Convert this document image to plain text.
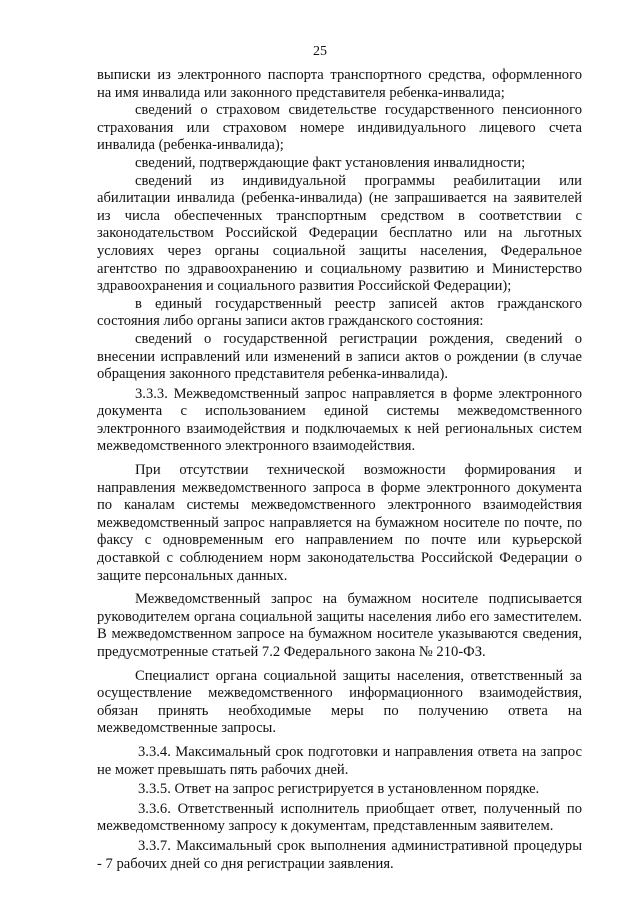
25

выписки из электронного паспорта транспортного средства, оформленного на имя инвалида или законного представителя ребенка-инвалида;

сведений о страховом свидетельстве государственного пенсионного страхования или страховом номере индивидуального лицевого счета инвалида (ребенка-инвалида);

сведений, подтверждающие факт установления инвалидности;

сведений из индивидуальной программы реабилитации или абилитации инвалида (ребенка-инвалида) (не запрашивается на заявителей из числа обеспеченных транспортным средством в соответствии с законодательством Российской Федерации бесплатно или на льготных условиях через органы социальной защиты населения, Федеральное агентство по здравоохранению и социальному развитию и Министерство здравоохранения и социального развития Российской Федерации);

в единый государственный реестр записей актов гражданского состояния либо органы записи актов гражданского состояния:

сведений о государственной регистрации рождения, сведений о внесении исправлений или изменений в записи актов о рождении (в случае обращения законного представителя ребенка-инвалида).

3.3.3. Межведомственный запрос направляется в форме электронного документа с использованием единой системы межведомственного электронного взаимодействия и подключаемых к ней региональных систем межведомственного электронного взаимодействия.

При отсутствии технической возможности формирования и направления межведомственного запроса в форме электронного документа по каналам системы межведомственного электронного взаимодействия межведомственный запрос направляется на бумажном носителе по почте, по факсу с одновременным его направлением по почте или курьерской доставкой с соблюдением норм законодательства Российской Федерации о защите персональных данных.

Межведомственный запрос на бумажном носителе подписывается руководителем органа социальной защиты населения либо его заместителем. В межведомственном запросе на бумажном носителе указываются сведения, предусмотренные статьей 7.2 Федерального закона № 210-ФЗ.

Специалист органа социальной защиты населения, ответственный за осуществление межведомственного информационного взаимодействия, обязан принять необходимые меры по получению ответа на межведомственные запросы.

3.3.4. Максимальный срок подготовки и направления ответа на запрос не может превышать пять рабочих дней.

3.3.5. Ответ на запрос регистрируется в установленном порядке.

3.3.6. Ответственный исполнитель приобщает ответ, полученный по межведомственному запросу к документам, представленным заявителем.

3.3.7. Максимальный срок выполнения административной процедуры - 7 рабочих дней со дня регистрации заявления.
